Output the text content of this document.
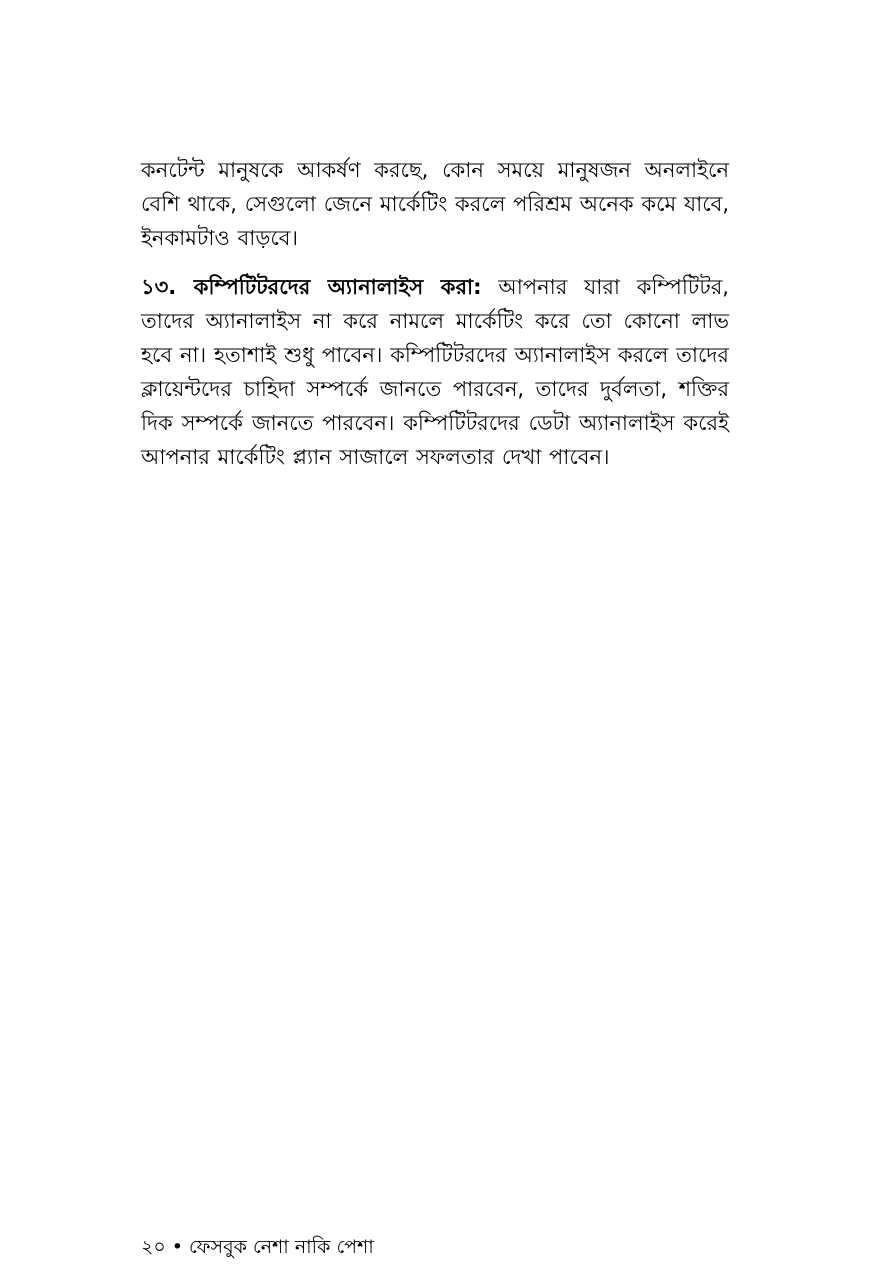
কনটেন্ট মানুষকে আকর্ষণ করছে, কোন সময়ে মানুষজন অনলাইনে বেশি থাকে, সেগুলো জেনে মার্কেটিং করলে পরিশ্রম অনেক কমে যাবে, ইনকামটাও বাড়বে।

১৩. কম্পিটিটরদের অ্যানালাইস করা: আপনার যারা কম্পিটিটর, তাদের অ্যানালাইস না করে নামলে মার্কেটিং করে তো কোনো লাভ হবে না। হতাশাই শুধু পাবেন। কম্পিটিটরদের অ্যানালাইস করলে তাদের ক্লায়েন্টদের চাহিদা সম্পর্কে জানতে পারবেন, তাদের দুর্বলতা, শক্তির দিক সম্পর্কে জানতে পারবেন। কম্পিটিটরদের ডেটা অ্যানালাইস করেই আপনার মার্কেটিং প্ল্যান সাজালে সফলতার দেখা পাবেন।

২০ • ফেসবুক নেশা নাকি পেশা
